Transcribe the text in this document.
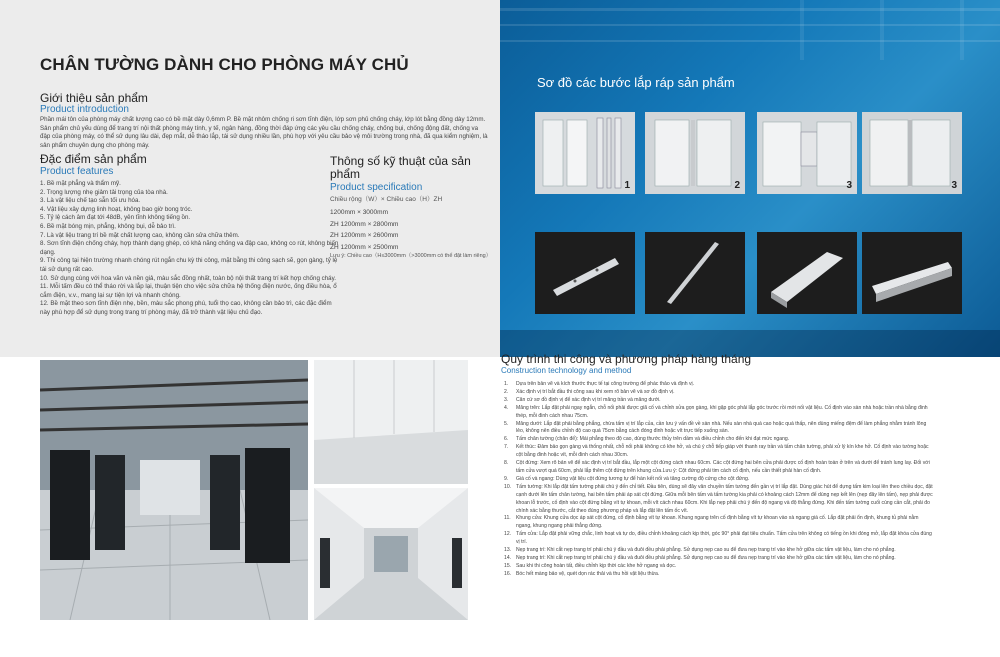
CHÂN TƯỜNG DÀNH CHO PHÒNG MÁY CHỦ
Giới thiệu sản phẩm
Product introduction
Phần mái tôn của phòng máy chất lượng cao có bề mặt dày 0,6mm P. Bề mặt nhôm chống ri sơn tĩnh điện, lớp sơn phủ chống cháy, lớp lót bằng đồng dày 12mm. Sản phẩm chủ yếu dùng để trang trí nội thất phòng máy tính, y tế, ngân hàng, đồng thời đáp ứng các yêu cầu chống cháy, chống bụi, chống động đất, chống va đập của phòng máy, có thể sử dụng lâu dài, đẹp mắt, dễ tháo lắp, tái sử dụng nhiều lần, phù hợp với yêu cầu bảo vệ môi trường trong nhà, đã qua kiểm nghiệm, là sản phẩm chuyên dụng cho phòng máy.
Đặc điểm sản phẩm
Product features
1. Bề mặt phẳng và thẩm mỹ.
2. Trọng lượng nhẹ giảm tải trọng của tòa nhà.
3. Là vật liệu chế tạo sẵn tối ưu hóa.
4. Vật liệu xây dựng linh hoạt, không bao giờ bong tróc.
5. Tỷ lệ cách âm đạt tới 48dB, yên tĩnh không tiếng ồn.
6. Bề mặt bóng mịn, phẳng, không bụi, dễ bảo trì.
7. Là vật liệu trang trí bề mặt chất lượng cao, không cần sửa chữa thêm.
8. Sơn tĩnh điện chống cháy, hợp thành dạng ghép, có khả năng chống va đập cao, không co rút, không biến dạng.
9. Thi công tại hiện trường nhanh chóng rút ngắn chu kỳ thi công, mặt bằng thi công sạch sẽ, gọn gàng, tỷ lệ tái sử dụng rất cao.
10. Sử dụng cùng với hoa văn và nền giả, màu sắc đồng nhất, toàn bộ nội thất trang trí kết hợp chống cháy.
11. Mỗi tấm đều có thể tháo rời và lắp lại, thuận tiện cho việc sửa chữa hệ thống điện nước, ống điều hòa, ổ cắm điện, v.v., mang lại sự tiện lợi và nhanh chóng.
12. Bề mặt theo sơn tĩnh điện nhẹ, bền, màu sắc phong phú, tuổi thọ cao, không cần bảo trì, các đặc điểm này phù hợp để sử dụng trong trang trí phòng máy, đã trở thành vật liệu chủ đạo.
Thông số kỹ thuật của sản phẩm
Product specification
Chiều rộng（W）× Chiều cao（H）ZH
1200mm × 3000mm
ZH 1200mm × 2800mm
ZH 1200mm × 2600mm
ZH 1200mm × 2500mm
Lưu ý: Chiều cao（H≤3000mm（>3000mm có thể đặt làm riêng）
Sơ đồ các bước lắp ráp sản phẩm
1	2	3	3
Quy trình thi công và phương pháp hàng tháng
Construction technology and method
1.	Dựa trên bản vẽ và kích thước thực tế tại công trường để phác thảo và định vị.
2.	Xác định vị trí bắt đầu thi công sau khi xem rõ bản vẽ và sơ đồ định vị.
3.	Căn cứ sơ đồ định vị để xác định vị trí măng trần và măng dưới.
4.	Măng trên: Lắp đặt phải ngay ngắn, chỗ nối phải được giã cố và chỉnh sửa gọn gàng, khi gặp góc phải lắp góc trước rồi mới nối vật liệu. Cố định vào sàn nhà hoặc trần nhà bằng đinh thép, mỗi đinh cách nhau 75cm.
5.	Măng dưới: Lắp đặt phải bằng phẳng, chừa tấm vị trí lắp của, cần lưu ý vấn đề về sàn nhà. Nếu sàn nhà quá cao hoặc quá thấp, nên dùng miếng đệm để làm phẳng nhằm tránh lõng lẻo, không nên điều chỉnh độ cao quá 75cm bằng cách đóng đinh hoặc vít trực tiếp xuống sàn.
6.	Tấm chân tường (chân đế): Mái phẳng theo độ cao, dùng thước thủy trên dầm và điều chỉnh cho đến khi đạt mức ngang.
7.	Kết thúc: Đảm bảo gọn gàng và thống nhất, chỗ nối phải không có khe hở, và chú ý chỗ tiếp giáp với thanh ray trần và tấm chân tường, phải xử lý kín khe hở. Cố định vào tường hoặc cột bằng đinh hoặc vít, mỗi đinh cách nhau 30cm.
8.	Cột đứng: Xem rõ bản vẽ để xác định vị trí bắt đầu, lắp một cột đứng cách nhau 60cm. Các cột đứng hai bên cửa phải được cố định hoàn toàn ở trên và dưới để tránh lung lay. Đối với tấm cửa vượt quá 60cm, phải lắp thêm cột đứng trên khung cửa.Lưu ý: Cột đứng phải tim cách cố định, nếu cần thiết phải hàn cố định.
9.	Giá cố và ngang: Dùng vật liệu cột đứng tương tự để hàn kết nối và tăng cường độ cứng cho cột đứng.
10. Tấm tường: Khi lắp đặt tấm tường phải chú ý đến chỉ tiết. Đầu tiên, dùng sẽ đây vân chuyền tấm tường đến gần vị trí lắp đặt. Dùng giác hút để dựng tấm kim loại lên theo chiều dọc, đặt cạnh dưới lên tấm chân tường, hai bên tấm phải áp sát cột đứng. Giữa mỗi bên tấm và tấm tường kia phải có khoảng cách 12mm để dùng nẹp kết lên (nẹp đây lên tấm), nẹp phải được khoan lỗ trước, cố định vào cột đứng bằng vít tự khoan, mỗi vít cách nhau 60cm. Khi lắp nẹp phải chú ý đến độ ngang và độ thẳng đứng. Khi đến tấm tường cuối cùng cần cắt, phải đo chính xác bằng thước, cắt theo đúng phương pháp và lắp đặt lên tấm ốc vít.
11.	Khung cửa: Khung cửa dọc áp sát cột đứng, cố định bằng vít tự khoan. Khung ngang trên cố định bằng vít tự khoan vào xà ngang giá cố. Lắp đặt phải ổn định, khung tủ phải nằm ngang, khung ngang phải thẳng đứng.
12. Tấm cửa: Lắp đặt phải vững chắc, linh hoạt và tự do, điều chỉnh khoảng cách kịp thời, góc 90° phải đạt tiêu chuẩn. Tấm cửa trên không có tiếng ồn khi đóng mở, lắp đặt khóa cửa đúng vị trí.
13. Nẹp trang trí: Khi cắt nẹp trang trí phải chú ý đầu và đuôi đều phải phẳng. Sử dụng nẹp cao su để đưa nẹp trang trí vào khe hở giữa các tấm vật liệu, làm cho nó phẳng.
14. Nẹp trang trí: Khi cắt nẹp trang trí phải chú ý đầu và đuôi đều phải phẳng. Sử dụng nẹp cao su để đưa nẹp trang trí vào khe hở giữa các tấm vật liệu, làm cho nó phẳng.
15. Sau khi thi công hoàn tất, điều chỉnh kịp thời các khe hở ngang và dọc.
16. Bóc hết màng bảo vệ, quét dọn rác thải và thu hồi vật liệu thừa.
